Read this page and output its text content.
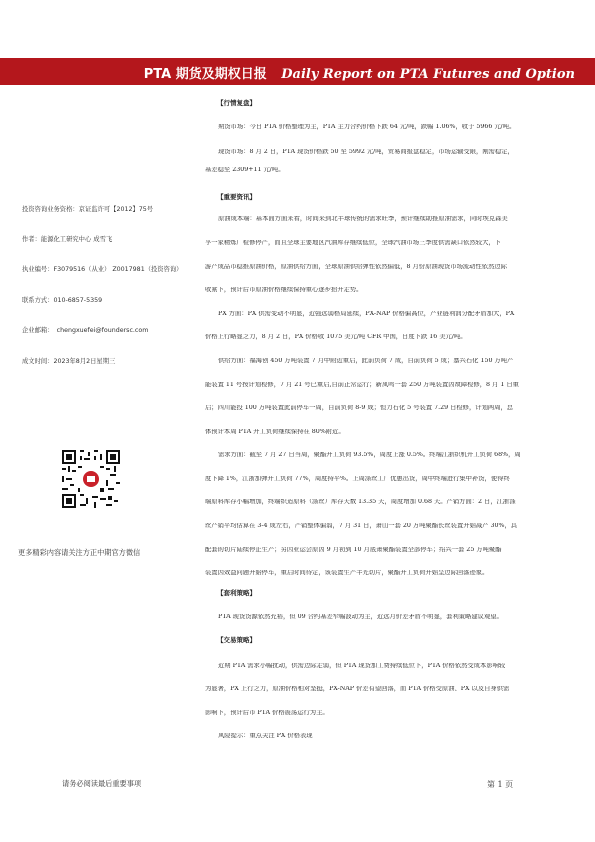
PTA 期货及期权日报 Daily Report on PTA Futures and Option
投资咨询业务资格：京证监许可【2012】75号
作者：能源化工研究中心 成雪飞
执业编号：F3079516（从业） Z0017981（投资咨询）
联系方式：010-6857-5359
企业邮箱：　chengxuefei@foundersc.com
成文时间：2023年8月2日星期三
更多精彩内容请关注方正中期官方微信
【行情复盘】
期货市场：今日 PTA 价格整理为主，PTA 主力合约价格下跌 64 元/吨，跌幅 1.06%，收于 5966 元/吨。
现货市场：8 月 2 日，PTA 现货价格跌 50 至 5992 元/吨，贸易商报盘稳定，市场运输受限，刚需稳定，
基差稳至 2309+11 元/吨。
【重要资讯】
原油成本端：基本面方面来看，时间来到北半球传统的需求旺季，预计继续助推原油需求，同时埃克森美
孚一家精炼厂检修停产，而且全球主要地区汽油库存继续低位，全球汽油市场三季度供需缺口依然较大，下
游产成品市稳推原油价格，原油供给方面，全球原油供给弹性依然偏低，8 月份原油现货市场流动性依然边际
收紧下，预计后市原油价格继续保持重心逐步抬升走势。
PX 方面：PX 供需变动不明显，近强远弱格局延续，PX-NAP 价格偏高位，产业链利润分配矛盾加大，PX
价格上行略显乏力，8 月 2 日，PX 价格收 1075 美元/吨 CFR 中国，日度下跌 16 美元/吨。
供给方面：福海创 450 万吨装置 7 月中附近重启，此前负荷 7 成，目前负荷 5 成；嘉兴石化 150 万吨产
能装置 11 号按计划检修，7 月 21 号已重启,目前正常运行；新凤鸣一套 250 万吨装置因故障检修，8 月 1 日重
启；四川能投 100 万吨装置此前停车一周，目前负荷 8-9 成；恒力石化 5 号装置 7.29 日检修，计划两周，总
体预计本周 PTA 开工负荷继续保持在 80%附近。
需求方面：截至 7 月 27 日当周，聚酯开工负荷 93.5%，周度上涨 0.5%。终端江浙织机开工负荷 68%，周
度下降 1%，江浙加弹开工负荷 77%，周度持平%。上周涤丝工厂优惠出货，周中终端进行集中补货，使得终
端原料库存小幅增加，终端织造原料（涤丝）库存天数 13.35 天，周度增加 0.68 天。产销方面：2 日，江浙涤
丝产销平均估算在 3-4 成左右，产销整体偏弱，7 月 31 日，萧山一套 20 万吨聚酯长丝装置开始减产 30%，其
配套的切片陆续停止生产；另因亚运会原因 9 月初到 10 月底萧聚酯装置全部停车；绍兴一套 25 万吨聚酯
装置因效益问题开始停车，重启时间待定，该装置生产半光切片，聚酯开工负荷开始呈边际回落迹象。
【套利策略】
PTA 现货货源依然充裕，但 09 合约基差窄幅波动为主，近远月价差矛盾不明显，套利策略建议观望。
【交易策略】
近期 PTA 需求小幅扰动，供需边际走弱，但 PTA 现货加工费持续低位下，PTA 价格依然受成本影响较
为显著，PX 上行乏力，原油价格相对坚挺，PX-NAP 价差有望回落，而 PTA 价格受原油、PX 以及自身供需
影响下，预计后市 PTA 价格震荡运行为主。
风险提示：重点关注 PX 价格表现
请务必阅读最后重要事项	第 1 页
